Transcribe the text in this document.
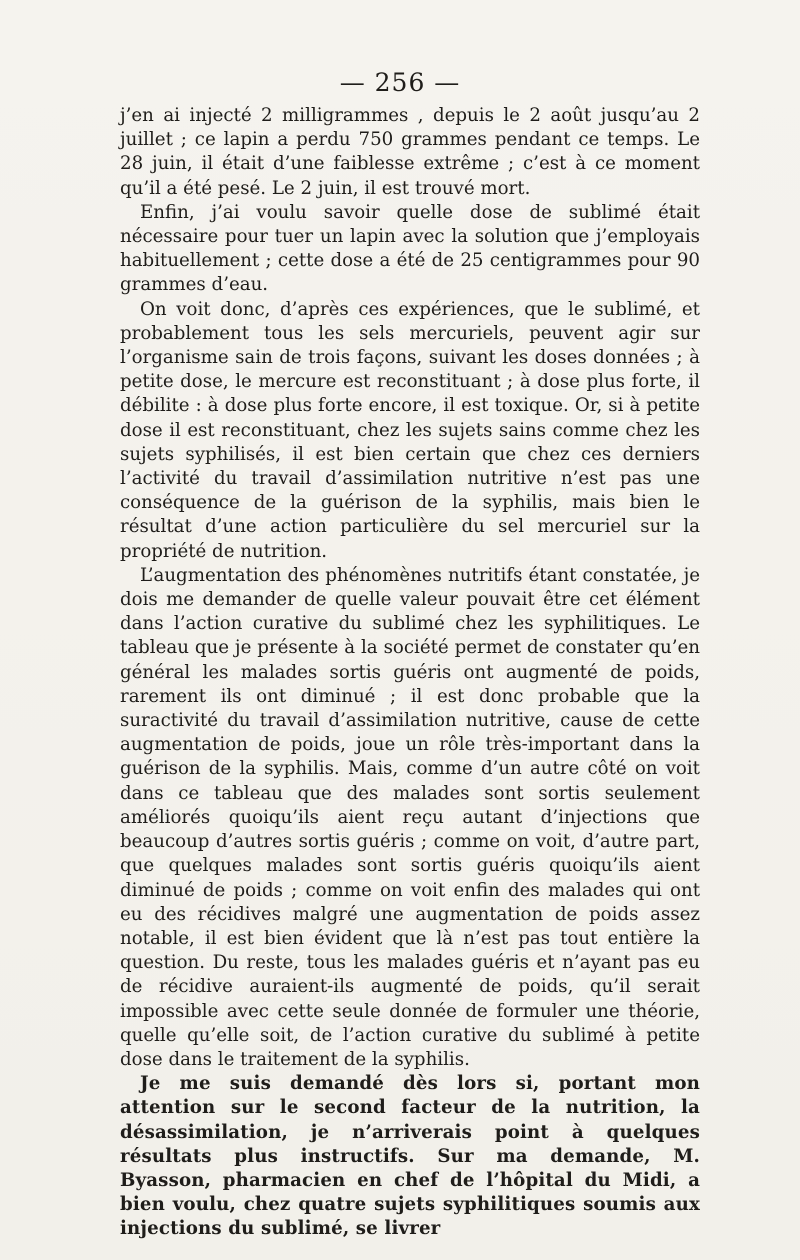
— 256 —

j’en ai injecté 2 milligrammes , depuis le 2 août jusqu’au 2 juillet ; ce lapin a perdu 750 grammes pendant ce temps. Le 28 juin, il était d’une faiblesse extrême ; c’est à ce moment qu’il a été pesé. Le 2 juin, il est trouvé mort.

Enfin, j’ai voulu savoir quelle dose de sublimé était nécessaire pour tuer un lapin avec la solution que j’employais habituellement ; cette dose a été de 25 centigrammes pour 90 grammes d’eau.

On voit donc, d’après ces expériences, que le sublimé, et probablement tous les sels mercuriels, peuvent agir sur l’organisme sain de trois façons, suivant les doses données ; à petite dose, le mercure est reconstituant ; à dose plus forte, il débilite : à dose plus forte encore, il est toxique. Or, si à petite dose il est reconstituant, chez les sujets sains comme chez les sujets syphilisés, il est bien certain que chez ces derniers l’activité du travail d’assimilation nutritive n’est pas une conséquence de la guérison de la syphilis, mais bien le résultat d’une action particulière du sel mercuriel sur la propriété de nutrition.

L’augmentation des phénomènes nutritifs étant constatée, je dois me demander de quelle valeur pouvait être cet élément dans l’action curative du sublimé chez les syphilitiques. Le tableau que je présente à la société permet de constater qu’en général les malades sortis guéris ont augmenté de poids, rarement ils ont diminué ; il est donc probable que la suractivité du travail d’assimilation nutritive, cause de cette augmentation de poids, joue un rôle très-important dans la guérison de la syphilis. Mais, comme d’un autre côté on voit dans ce tableau que des malades sont sortis seulement améliorés quoiqu’ils aient reçu autant d’injections que beaucoup d’autres sortis guéris ; comme on voit, d’autre part, que quelques malades sont sortis guéris quoiqu’ils aient diminué de poids ; comme on voit enfin des malades qui ont eu des récidives malgré une augmentation de poids assez notable, il est bien évident que là n’est pas tout entière la question. Du reste, tous les malades guéris et n’ayant pas eu de récidive auraient-ils augmenté de poids, qu’il serait impossible avec cette seule donnée de formuler une théorie, quelle qu’elle soit, de l’action curative du sublimé à petite dose dans le traitement de la syphilis.

Je me suis demandé dès lors si, portant mon attention sur le second facteur de la nutrition, la désassimilation, je n’arriverais point à quelques résultats plus instructifs. Sur ma demande, M. Byasson, pharmacien en chef de l’hôpital du Midi, a bien voulu, chez quatre sujets syphilitiques soumis aux injections du sublimé, se livrer
